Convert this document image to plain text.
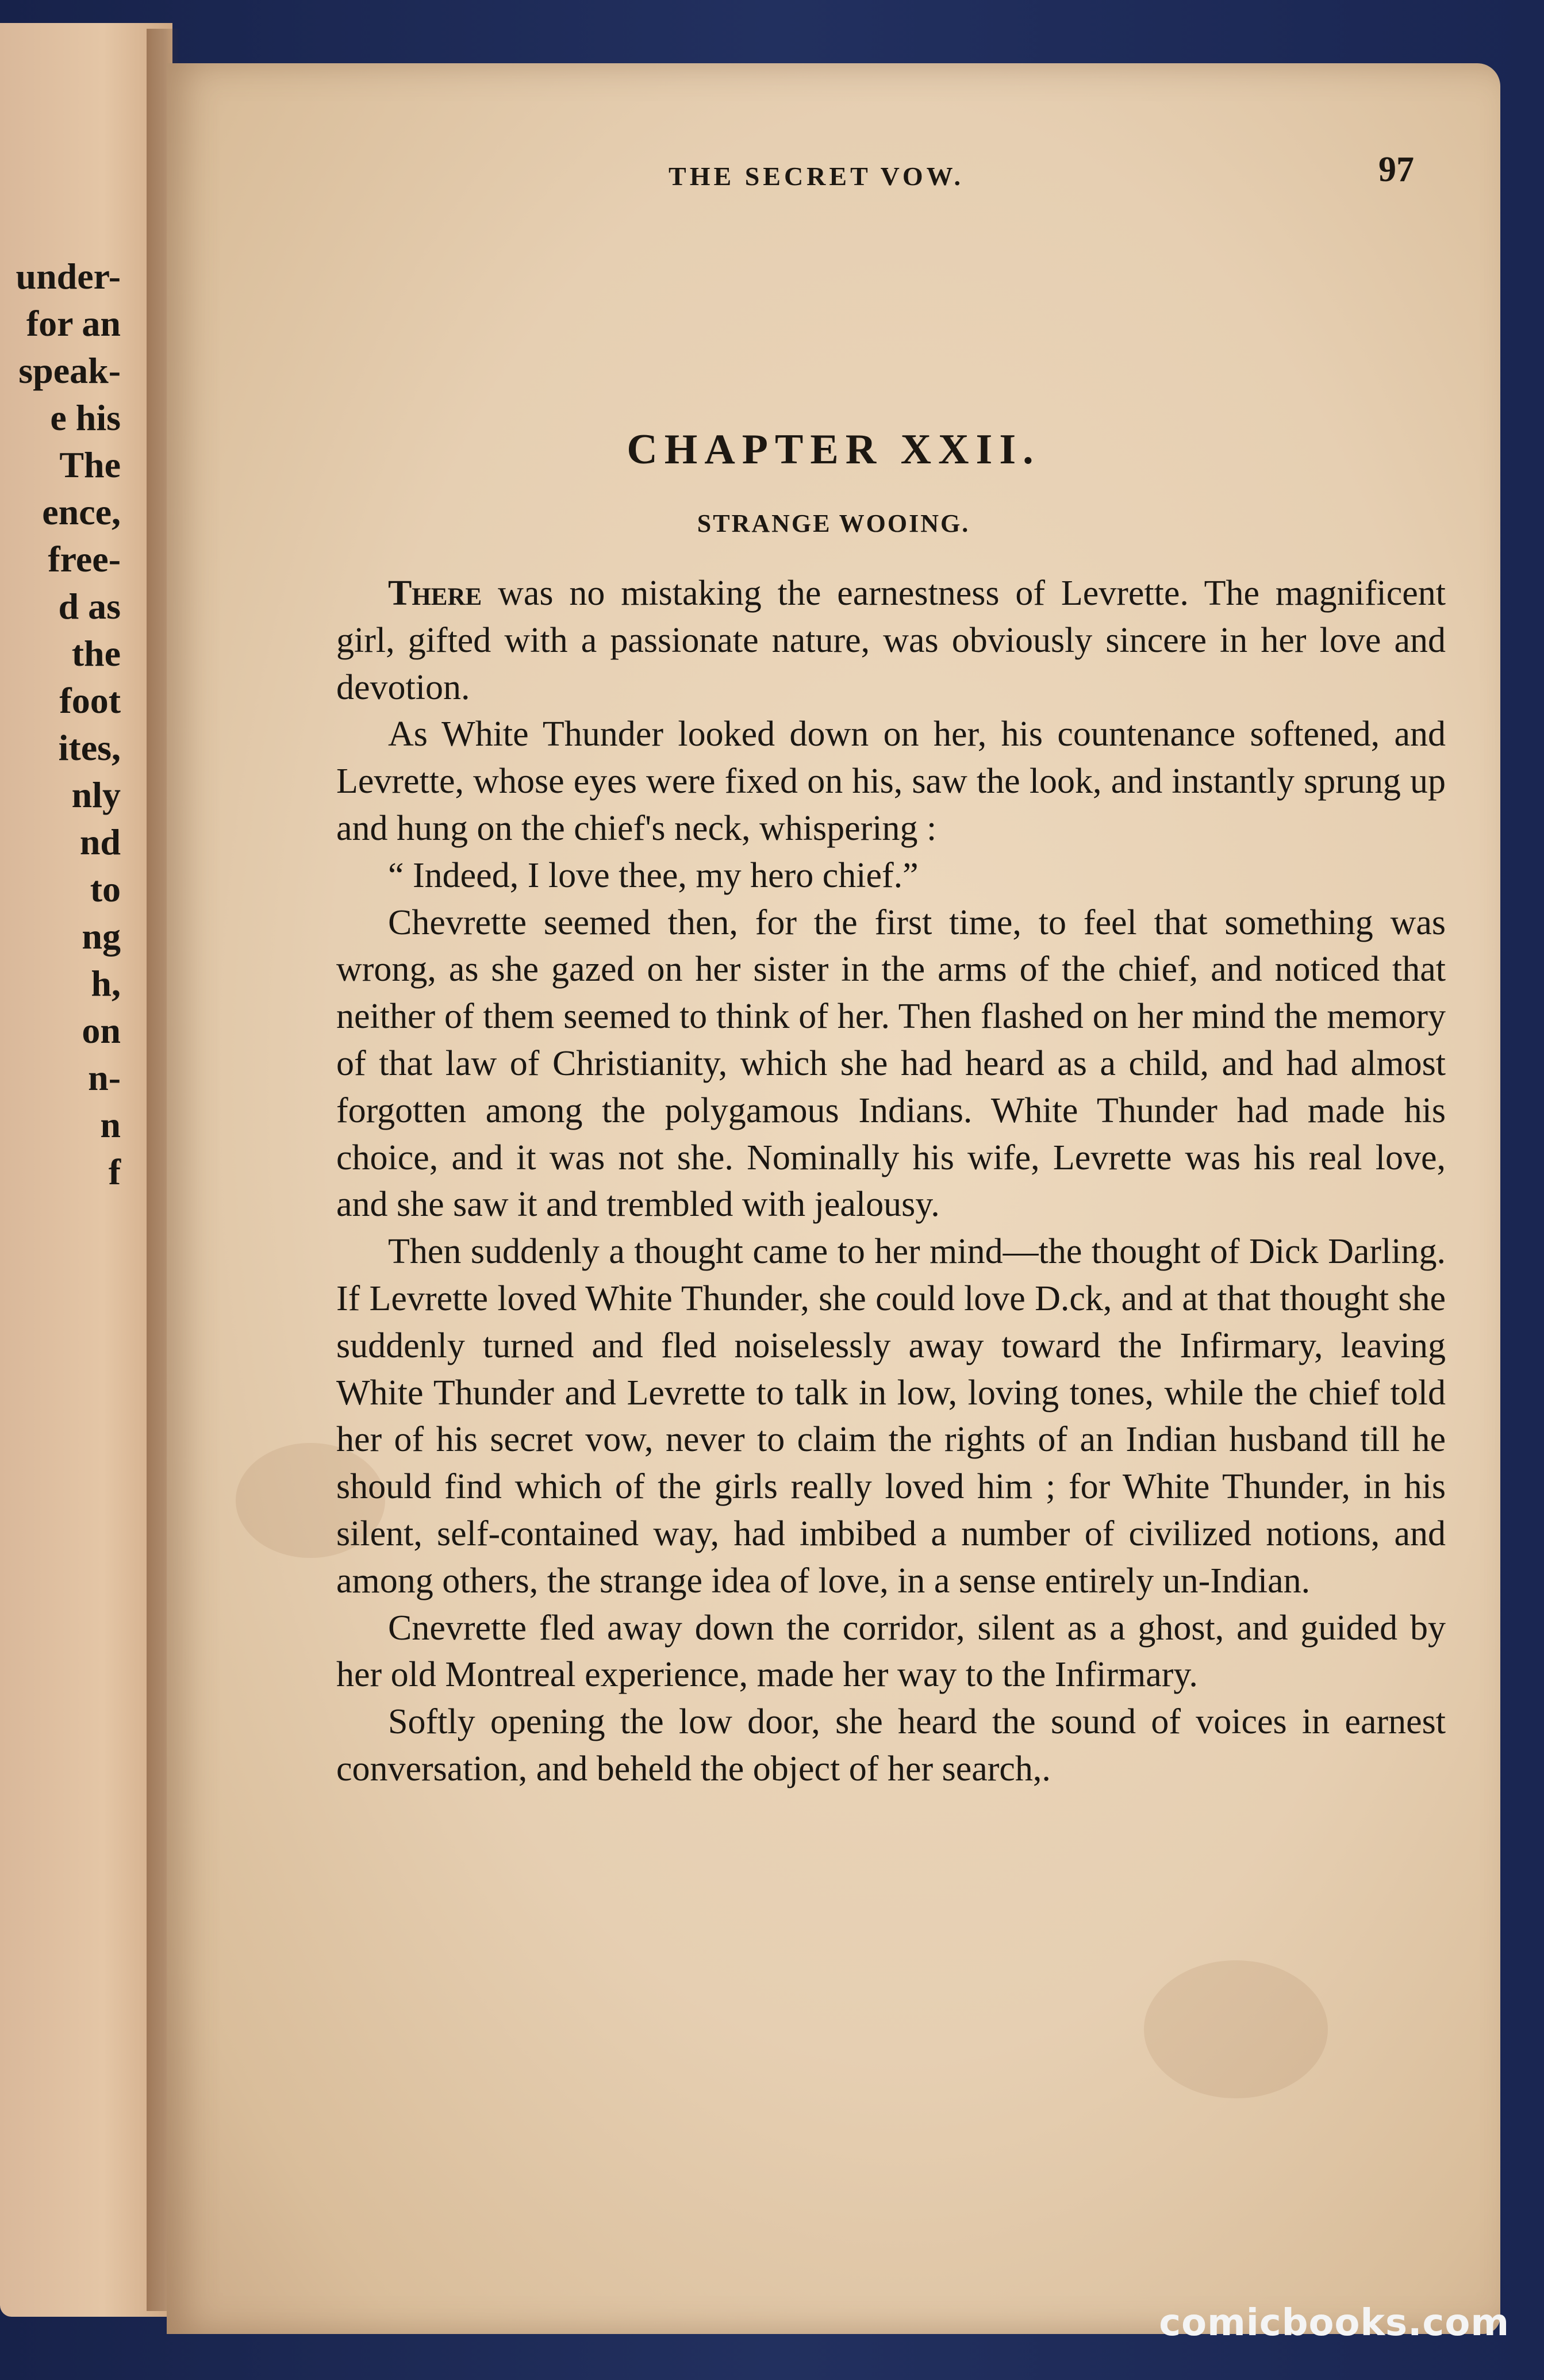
under-
for an
speak-
e his
The
ence,
free-
d as
the
foot
ites,
nly
nd
to
ng
h,
on
n-
n
f
THE SECRET VOW.	97
CHAPTER XXII.
STRANGE WOOING.

There was no mistaking the earnestness of Levrette. The magnificent girl, gifted with a passionate nature, was obviously sincere in her love and devotion.

As White Thunder looked down on her, his countenance softened, and Levrette, whose eyes were fixed on his, saw the look, and instantly sprung up and hung on the chief's neck, whispering :

“ Indeed, I love thee, my hero chief.”

Chevrette seemed then, for the first time, to feel that something was wrong, as she gazed on her sister in the arms of the chief, and noticed that neither of them seemed to think of her. Then flashed on her mind the memory of that law of Christianity, which she had heard as a child, and had almost forgotten among the polygamous Indians. White Thunder had made his choice, and it was not she. Nominally his wife, Levrette was his real love, and she saw it and trembled with jealousy.

Then suddenly a thought came to her mind—the thought of Dick Darling. If Levrette loved White Thunder, she could love D.ck, and at that thought she suddenly turned and fled noiselessly away toward the Infirmary, leaving White Thunder and Levrette to talk in low, loving tones, while the chief told her of his secret vow, never to claim the rights of an Indian husband till he should find which of the girls really loved him ; for White Thunder, in his silent, self-contained way, had imbibed a number of civilized notions, and among others, the strange idea of love, in a sense entirely un-Indian.

Cnevrette fled away down the corridor, silent as a ghost, and guided by her old Montreal experience, made her way to the Infirmary.

Softly opening the low door, she heard the sound of voices in earnest conversation, and beheld the object of her search,.

comicbooks.com
